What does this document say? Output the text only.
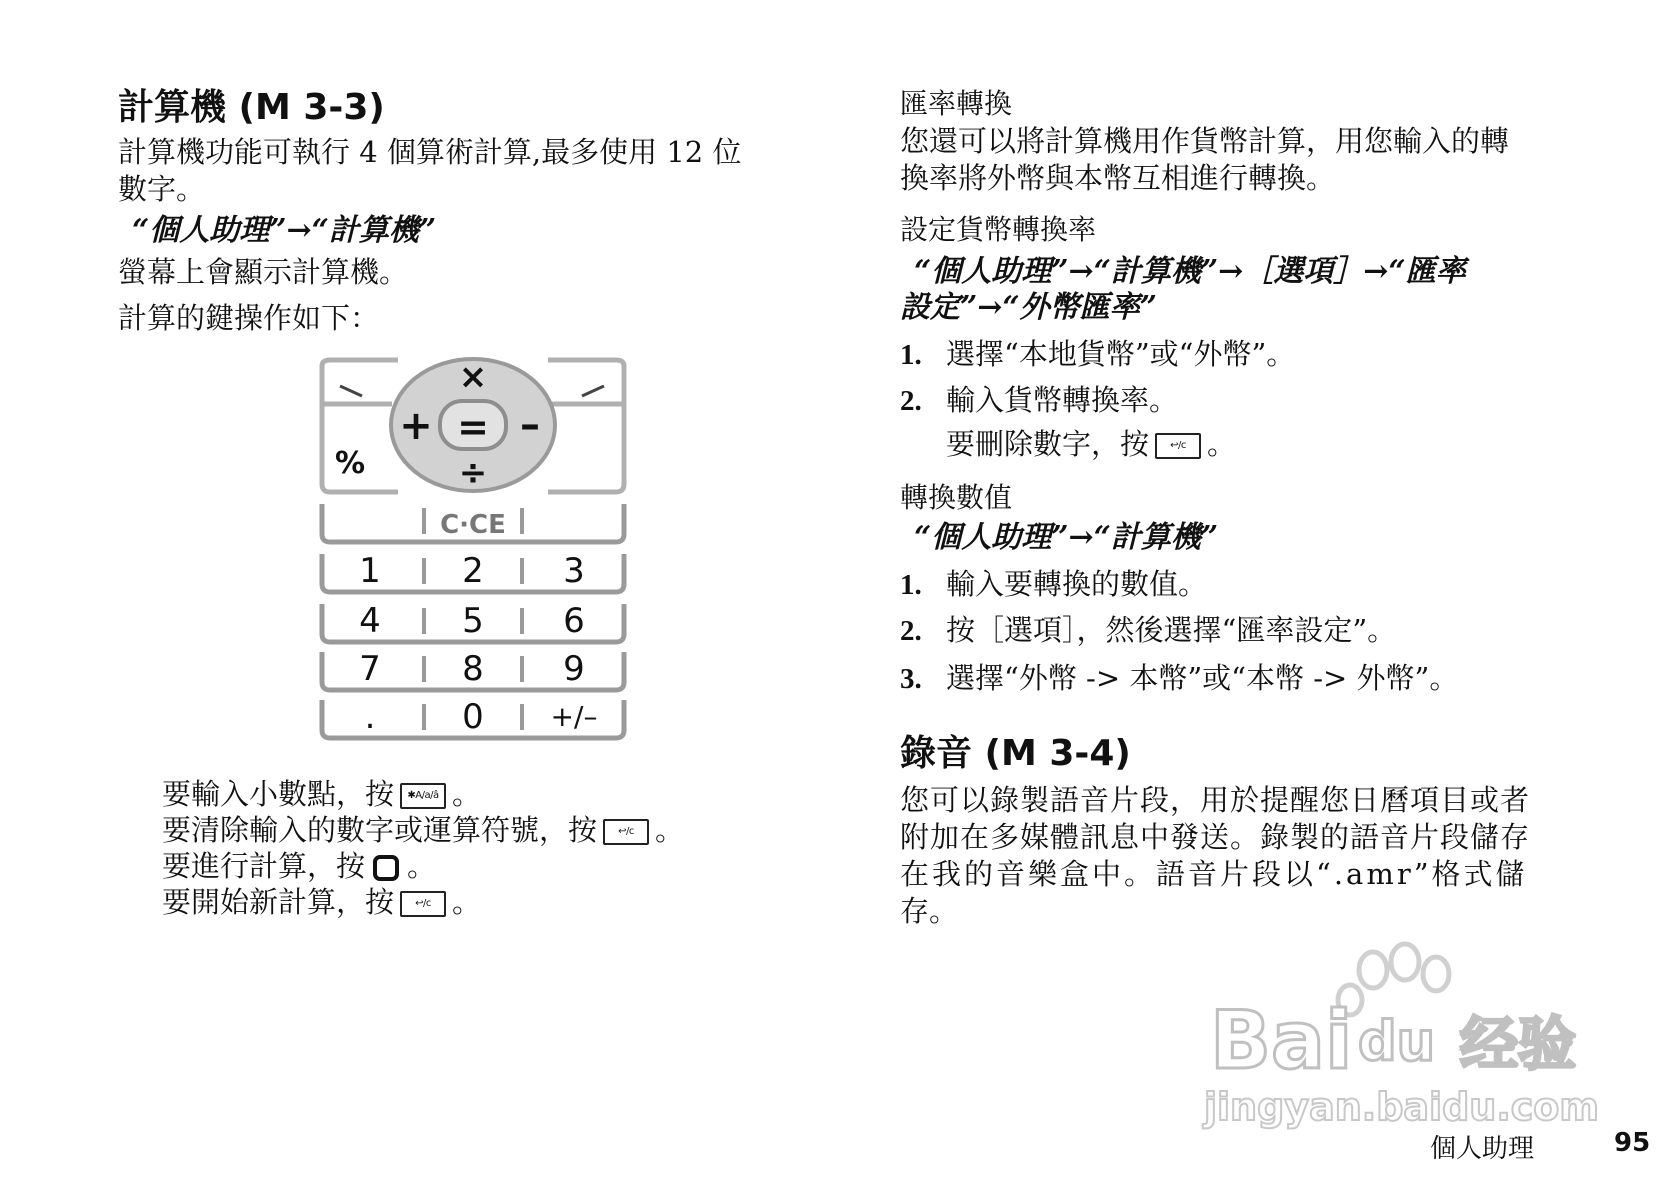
計算機 (M 3-3)
計算機功能可執行 4 個算術計算,最多使用 12 位
數字。
“個人助理”→“計算機”
螢幕上會顯示計算機。
計算的鍵操作如下：
×
+ = –
÷
%
C·CE
1 2 3
4 5 6
7 8 9
.	0 +/–
要輸入小數點，按 ✱A/a/â 。
要清除輸入的數字或運算符號，按 ↩/c 。
要進行計算，按 。
要開始新計算，按 ↩/c 。
匯率轉換
您還可以將計算機用作貨幣計算，用您輸入的轉
換率將外幣與本幣互相進行轉換。
設定貨幣轉換率
“個人助理”→“計算機”→［選項］→“匯率
設定”→“外幣匯率”
1. 選擇“本地貨幣”或“外幣”。
2. 輸入貨幣轉換率。
要刪除數字，按 ↩/c 。
轉換數值
“個人助理”→“計算機”
1. 輸入要轉換的數值。
2. 按［選項］，然後選擇“匯率設定”。
3. 選擇“外幣 -> 本幣”或“本幣 -> 外幣”。
錄音 (M 3-4)
您可以錄製語音片段，用於提醒您日曆項目或者
附加在多媒體訊息中發送。錄製的語音片段儲存
在我的音樂盒中。語音片段以“.amr”格式儲
存。
Bai du 经验
jingyan.baidu.com
個人助理	95
